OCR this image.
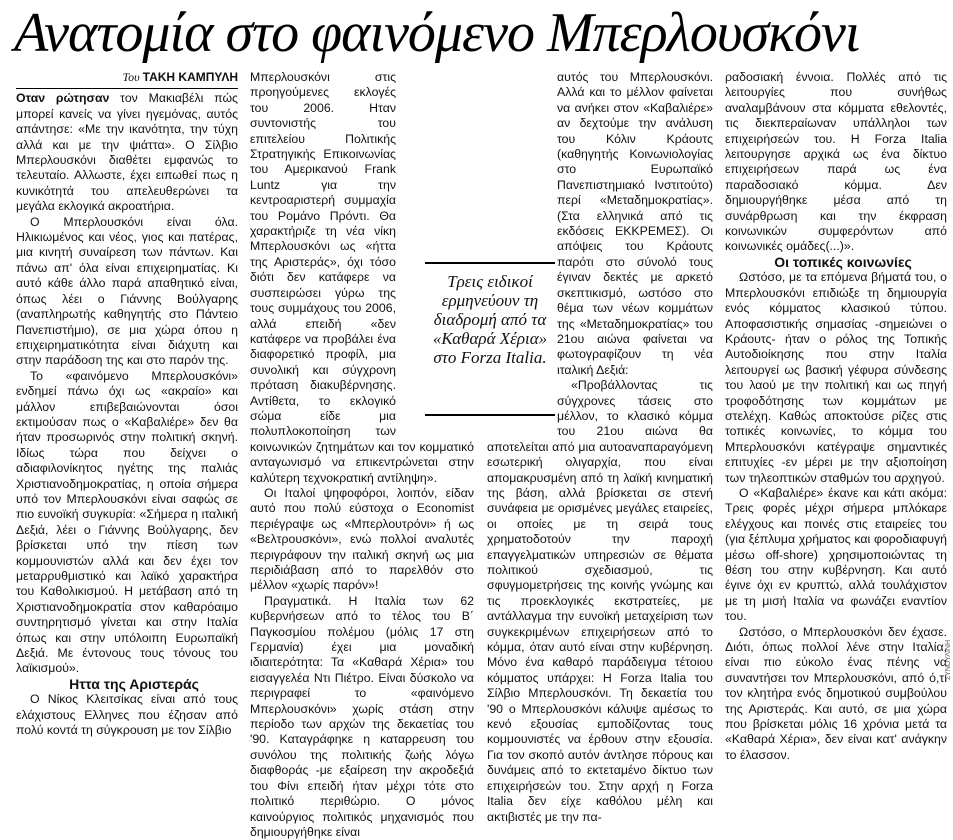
Ανατομία στο φαινόμενο Μπερλουσκόνι
Του ΤΑΚΗ ΚΑΜΠΥΛΗ

Οταν ρώτησαν τον Μακιαβέλι πώς μπορεί κανείς να γίνει ηγεμόνας, αυτός απάντησε: «Με την ικανότητα, την τύχη αλλά και με την ψιάττα». Ο Σίλβιο Μπερλουσκόνι διαθέτει εμφανώς το τελευταίο. Αλλωστε, έχει ειπωθεί πως η κυνικότητά του απελευθερώνει τα μεγάλα εκλογικά ακροατήρια.

Ο Μπερλουσκόνι είναι όλα. Ηλικιωμένος και νέος, γιος και πατέρας, μια κινητή συναίρεση των πάντων. Και πάνω απ' όλα είναι επιχειρηματίας. Κι αυτό κάθε άλλο παρά απαθητικό είναι, όπως λέει ο Γιάννης Βούλγαρης (αναπληρωτής καθηγητής στο Πάντειο Πανεπιστήμιο), σε μια χώρα όπου η επιχειρηματικότητα είναι διάχυτη και στην παράδοση της και στο παρόν της.

Το «φαινόμενο Μπερλουσκόνι» ενδημεί πάνω όχι ως «ακραίο» και μάλλον επιβεβαιώνονται όσοι εκτιμούσαν πως ο «Καβαλιέρε» δεν θα ήταν προσωρινός στην πολιτική σκηνή. Ιδίως τώρα που δείχνει ο αδιαφιλονίκητος ηγέτης της παλιάς Χριστιανοδημοκρατίας, η οποία σήμερα υπό τον Μπερλουσκόνι είναι σαφώς σε πιο ευνοϊκή συγκυρία: «Σήμερα η ιταλική Δεξιά, λέει ο Γιάννης Βούλγαρης, δεν βρίσκεται υπό την πίεση των κομμουνιστών αλλά και δεν έχει τον μεταρρυθμιστικό και λαϊκό χαρακτήρα του Καθολικισμού. Η μετάβαση από τη Χριστιανοδημοκρατία στον καθαρόαιμο συντηρητισμό γίνεται και στην Ιταλία όπως και στην υπόλοιπη Ευρωπαϊκή Δεξιά. Με έντονους τους τόνους του λαϊκισμού».

Ηττα της Αριστεράς

Ο Νίκος Κλειτσίκας είναι από τους ελάχιστους Ελληνες που έζησαν από πολύ κοντά τη σύγκρουση με τον Σίλβιο

Μπερλουσκόνι στις προηγούμενες εκλογές του 2006. Ηταν συντονιστής του επιτελείου Πολιτικής Στρατηγικής Επικοινωνίας του Αμερικανού Frank Luntz για την κεντροαριστερή συμμαχία του Ρομάνο Πρόντι. Θα χαρακτήριζε τη νέα νίκη Μπερλουσκόνι ως «ήττα της Αριστεράς», όχι τόσο διότι δεν κατάφερε να συσπειρώσει γύρω της τους συμμάχους του 2006, αλλά επειδή «δεν κατάφερε να προβάλει ένα διαφορετικό προφίλ, μια συνολική και σύγχρονη πρόταση διακυβέρνησης. Αντίθετα, το εκλογικό σώμα είδε μια πολυπλοκοποίηση των κοινωνικών ζητημάτων και τον κομματικό ανταγωνισμό να επικεντρώνεται στην καλύτερη τεχνοκρατική αντίληψη».

Οι Ιταλοί ψηφοφόροι, λοιπόν, είδαν αυτό που πολύ εύστοχα ο Economist περιέγραψε ως «Μπερλουτρόνι» ή ως «Βελτρουσκόνι», ενώ πολλοί αναλυτές περιγράφουν την ιταλική σκηνή ως μια περιδιάβαση από το παρελθόν στο μέλλον «χωρίς παρόν»!

Πραγματικά. Η Ιταλία των 62 κυβερνήσεων από το τέλος του Β΄ Παγκοσμίου πολέμου (μόλις 17 στη Γερμανία) έχει μια μοναδική ιδιαιτερότητα: Τα «Καθαρά Χέρια» του εισαγγελέα Ντι Πιέτρο. Είναι δύσκολο να περιγραφεί το «φαινόμενο Μπερλουσκόνι» χωρίς στάση στην περίοδο των αρχών της δεκαετίας του '90. Καταγράφηκε η καταρρευση του συνόλου της πολιτικής ζωής λόγω διαφθοράς -με εξαίρεση την ακροδεξιά του Φίνι επειδή ήταν μέχρι τότε στο πολιτικό περιθώριο. Ο μόνος καινούργιος πολιτικός μηχανισμός που δημιουργήθηκε είναι

αυτός του Μπερλουσκόνι. Αλλά και το μέλλον φαίνεται να ανήκει στον «Καβαλιέρε» αν δεχτούμε την ανάλυση του Κόλιν Κράουτς (καθηγητής Κοινωνιολογίας στο Ευρωπαϊκό Πανεπιστημιακό Ινστιτούτο) περί «Μεταδημοκρατίας». (Στα ελληνικά από τις εκδόσεις ΕΚΚΡΕΜΕΣ). Οι απόψεις του Κράουτς παρότι στο σύνολό τους έγιναν δεκτές με αρκετό σκεπτικισμό, ωστόσο στο θέμα των νέων κομμάτων της «Μεταδημοκρατίας» του 21ου αιώνα φαίνεται να φωτογραφίζουν τη νέα ιταλική Δεξιά:

«Προβάλλοντας τις σύγχρονες τάσεις στο μέλλον, το κλασικό κόμμα του 21ου αιώνα θα αποτελείται από μια αυτοαναπαραγόμενη εσωτερική ολιγαρχία, που είναι απομακρυσμένη από τη λαϊκή κινηματική της βάση, αλλά βρίσκεται σε στενή συνάφεια με ορισμένες μεγάλες εταιρείες, οι οποίες με τη σειρά τους χρηματοδοτούν την παροχή επαγγελματικών υπηρεσιών σε θέματα πολιτικού σχεδιασμού, τις σφυγμομετρήσεις της κοινής γνώμης και τις προεκλογικές εκστρατείες, με αντάλλαγμα την ευνοϊκή μεταχείριση των συγκεκριμένων επιχειρήσεων από το κόμμα, όταν αυτό είναι στην κυβέρνηση. Μόνο ένα καθαρό παράδειγμα τέτοιου κόμματος υπάρχει: Η Forza Italia του Σίλβιο Μπερλουσκόνι. Τη δεκαετία του '90 ο Μπερλουσκόνι κάλυψε αμέσως το κενό εξουσίας εμποδίζοντας τους κομμουνιστές να έρθουν στην εξουσία. Για τον σκοπό αυτόν άντλησε πόρους και δυνάμεις από το εκτεταμένο δίκτυο των επιχειρήσεών του. Στην αρχή η Forza Italia δεν είχε καθόλου μέλη και ακτιβιστές με την πα-

ραδοσιακή έννοια. Πολλές από τις λειτουργίες που συνήθως αναλαμβάνουν στα κόμματα εθελοντές, τις διεκπεραίωναν υπάλληλοι των επιχειρήσεών του. Η Forza Italia λειτουργησε αρχικά ως ένα δίκτυο επιχειρήσεων παρά ως ένα παραδοσιακό κόμμα. Δεν δημιουργήθηκε μέσα από τη συνάρθρωση και την έκφραση κοινωνικών συμφερόντων από κοινωνικές ομάδες(...)».

Οι τοπικές κοινωνίες

Ωστόσο, με τα επόμενα βήματά του, ο Μπερλουσκόνι επιδιώξε τη δημιουργία ενός κόμματος κλασικού τύπου. Αποφασιστικής σημασίας -σημειώνει ο Κράουτς- ήταν ο ρόλος της Τοπικής Αυτοδιοίκησης που στην Ιταλία λειτουργεί ως βασική γέφυρα σύνδεσης του λαού με την πολιτική και ως πηγή τροφοδότησης των κομμάτων με στελέχη. Καθώς αποκτούσε ρίζες στις τοπικές κοινωνίες, το κόμμα του Μπερλουσκόνι κατέγραψε σημαντικές επιτυχίες -εν μέρει με την αξιοποίηση των τηλεοπτικών σταθμών του αρχηγού.

Ο «Καβαλιέρε» έκανε και κάτι ακόμα: Τρεις φορές μέχρι σήμερα μπλόκαρε ελέγχους και ποινές στις εταιρείες του (για ξέπλυμα χρήματος και φοροδιαφυγή μέσω off-shore) χρησιμοποιώντας τη θέση του στην κυβέρνηση. Και αυτό έγινε όχι εν κρυπτώ, αλλά τουλάχιστον με τη μισή Ιταλία να φωνάζει εναντίον του.

Ωστόσο, ο Μπερλουσκόνι δεν έχασε. Διότι, όπως πολλοί λένε στην Ιταλία, είναι πιο εύκολο ένας πένης να συναντήσει τον Μπερλουσκόνι, από ό,τι τον κλητήρα ενός δημοτικού συμβούλου της Αριστεράς. Και αυτό, σε μια χώρα που βρίσκεται μόλις 16 χρόνια μετά τα «Καθαρά Χέρια», δεν είναι κατ' ανάγκην το έλασσον.

Τρεις ειδικοί ερμηνεύουν τη διαδρομή από τα «Καθαρά Χέρια» στο Forza Italia.
ΣΥΝΟΥΛΙΝΗ
